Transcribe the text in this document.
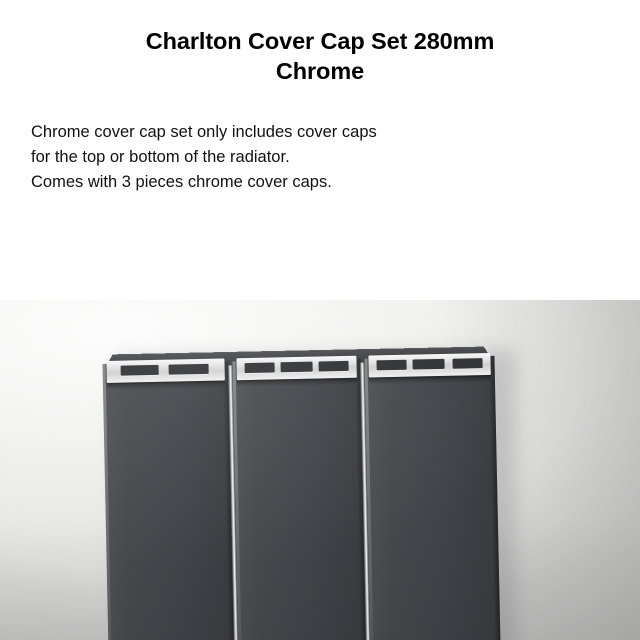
Charlton Cover Cap Set 280mm
Chrome
Chrome cover cap set only includes cover caps
for the top or bottom of the radiator.
Comes with 3 pieces chrome cover caps.
